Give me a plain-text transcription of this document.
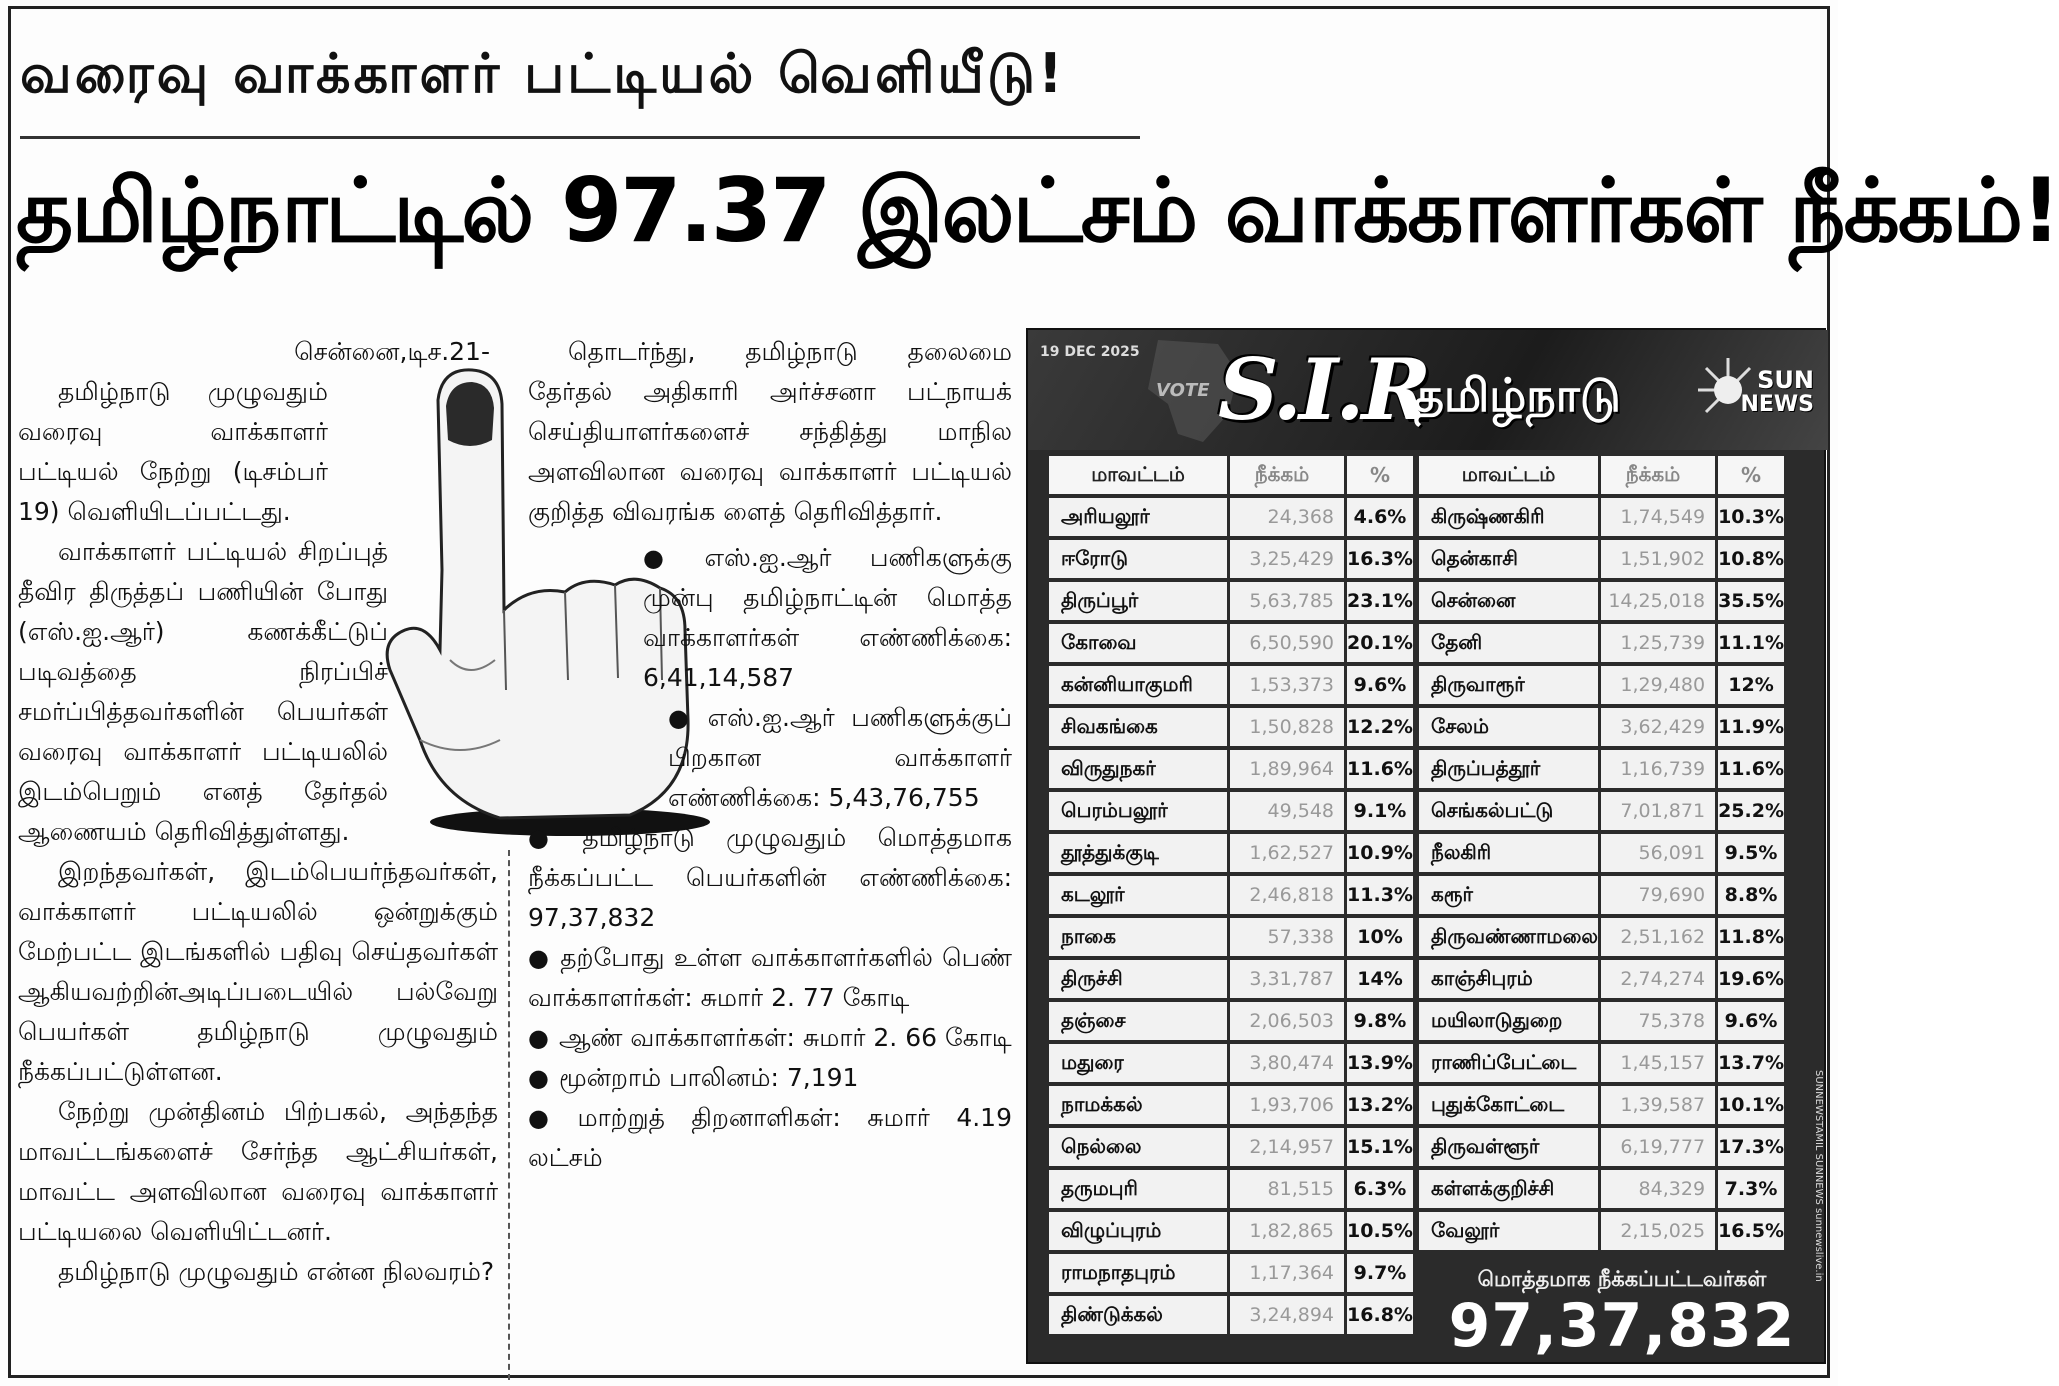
வரைவு வாக்காளர் பட்டியல் வெளியீடு!
தமிழ்நாட்டில் 97.37 இலட்சம் வாக்காளர்கள் நீக்கம்!

சென்னை,டிச.21-

தமிழ்நாடு முழுவதும் வரைவு வாக்காளர் பட்டியல் நேற்று (டிசம்பர் 19) வெளியிடப்பட்டது.

வாக்காளர் பட்டியல் சிறப்புத் தீவிர திருத்தப் பணியின் போது (எஸ்.ஐ.ஆர்) கணக்கீட்டுப் படிவத்தை நிரப்பிச் சமர்ப்பித்தவர்களின் பெயர்கள் வரைவு வாக்காளர் பட்டியலில் இடம்பெறும் எனத் தேர்தல் ஆணையம் தெரிவித்துள்ளது.

இறந்தவர்கள், இடம்பெயர்ந்தவர்கள், வாக்காளர் பட்டியலில் ஒன்றுக்கும் மேற்பட்ட இடங்களில் பதிவு செய்தவர்கள் ஆகியவற்றின்அடிப்படையில் பல்வேறு பெயர்கள் தமிழ்நாடு முழுவதும் நீக்கப்பட்டுள்ளன.

நேற்று முன்தினம் பிற்பகல், அந்தந்த மாவட்டங்களைச் சேர்ந்த ஆட்சியர்கள், மாவட்ட அளவிலான வரைவு வாக்காளர் பட்டியலை வெளியிட்டனர்.

தமிழ்நாடு முழுவதும் என்ன நிலவரம்?

தொடர்ந்து, தமிழ்நாடு தலைமை தேர்தல் அதிகாரி அர்ச்சனா பட்நாயக் செய்தியாளர்களைச் சந்தித்து மாநில அளவிலான வரைவு வாக்காளர் பட்டியல் குறித்த விவரங்க ளைத் தெரிவித்தார்.

● எஸ்.ஐ.ஆர் பணிகளுக்கு முன்பு தமிழ்நாட்டின் மொத்த வாக்காளர்கள் எண்ணிக்கை: 6,41,14,587

● எஸ்.ஐ.ஆர் பணிகளுக்குப் பிறகான வாக்காளர் எண்ணிக்கை: 5,43,76,755

● தமிழ்நாடு முழுவதும் மொத்தமாக நீக்கப்பட்ட பெயர்களின் எண்ணிக்கை: 97,37,832

● தற்போது உள்ள வாக்காளர்களில் பெண் வாக்காளர்கள்: சுமார் 2. 77 கோடி

● ஆண் வாக்காளர்கள்: சுமார் 2. 66 கோடி

● மூன்றாம் பாலினம்: 7,191

● மாற்றுத் திறனாளிகள்: சுமார் 4.19 லட்சம்

19 DEC 2025
VOTE S.I.R
தமிழ்நாடு	SUN
NEWS
மாவட்டம்	நீக்கம்	%
அரியலூர்	24,368	4.6%
ஈரோடு	3,25,429	16.3%
திருப்பூர்	5,63,785	23.1%
கோவை	6,50,590	20.1%
கன்னியாகுமரி	1,53,373	9.6%
சிவகங்கை	1,50,828	12.2%
விருதுநகர்	1,89,964	11.6%
பெரம்பலூர்	49,548	9.1%
தூத்துக்குடி	1,62,527	10.9%
கடலூர்	2,46,818	11.3%
நாகை	57,338	10%
திருச்சி	3,31,787	14%
தஞ்சை	2,06,503	9.8%
மதுரை	3,80,474	13.9%
நாமக்கல்	1,93,706	13.2%
நெல்லை	2,14,957	15.1%
தருமபுரி	81,515	6.3%
விழுப்புரம்	1,82,865	10.5%
ராமநாதபுரம்	1,17,364	9.7%
திண்டுக்கல்	3,24,894	16.8%
மாவட்டம்	நீக்கம்	%
கிருஷ்ணகிரி	1,74,549	10.3%
தென்காசி	1,51,902	10.8%
சென்னை	14,25,018	35.5%
தேனி	1,25,739	11.1%
திருவாரூர்	1,29,480	12%
சேலம்	3,62,429	11.9%
திருப்பத்தூர்	1,16,739	11.6%
செங்கல்பட்டு	7,01,871	25.2%
நீலகிரி	56,091	9.5%
கரூர்	79,690	8.8%
திருவண்ணாமலை	2,51,162	11.8%
காஞ்சிபுரம்	2,74,274	19.6%
மயிலாடுதுறை	75,378	9.6%
ராணிப்பேட்டை	1,45,157	13.7%
புதுக்கோட்டை	1,39,587	10.1%
திருவள்ளூர்	6,19,777	17.3%
கள்ளக்குறிச்சி	84,329	7.3%
வேலூர்	2,15,025	16.5%
மொத்தமாக நீக்கப்பட்டவர்கள்
97,37,832
SUNNEWSTAMIL SUNNEWS sunnewslive.in
